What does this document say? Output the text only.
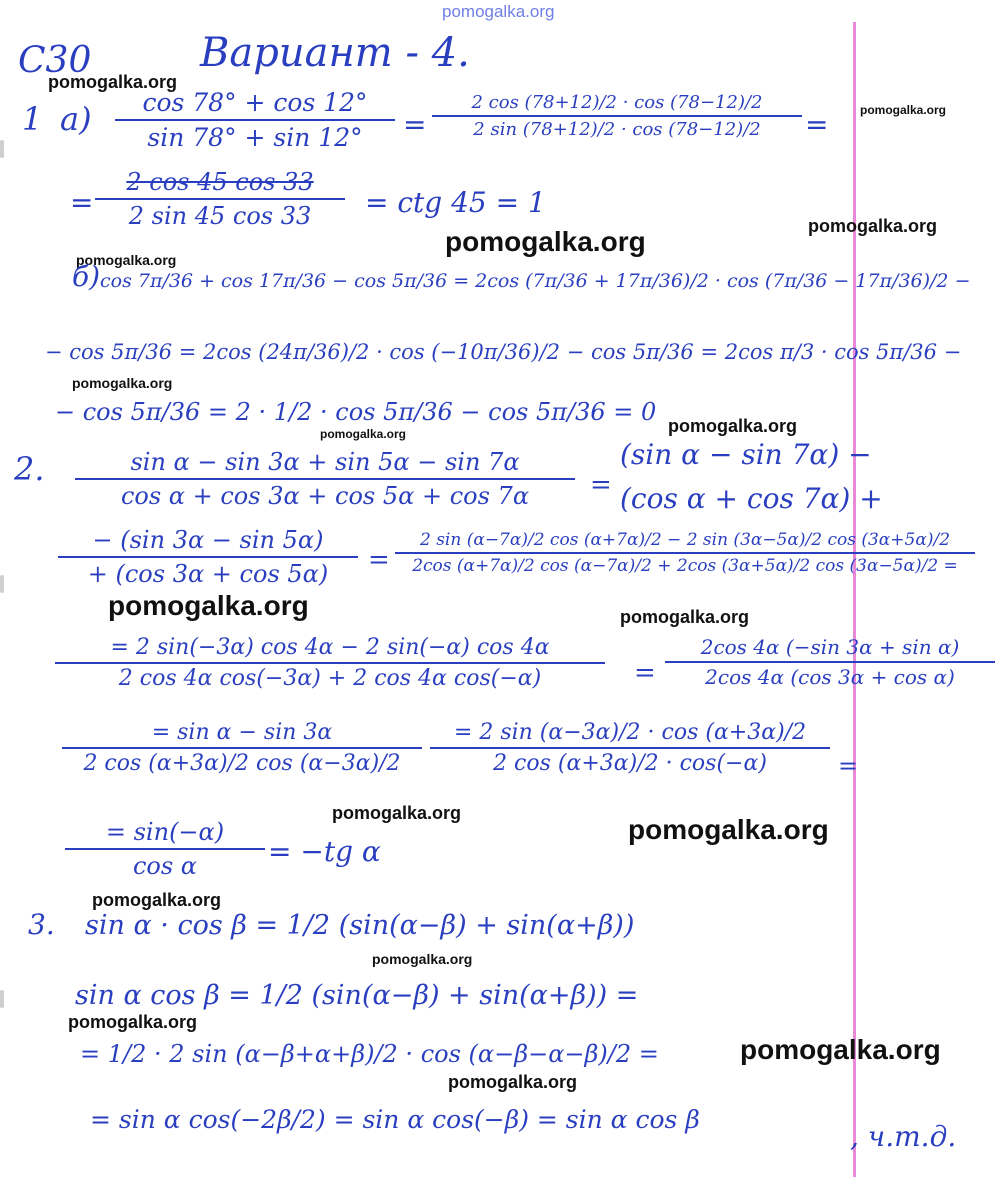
pomogalka.org
pomogalka.org
pomogalka.org
pomogalka.org
pomogalka.org
pomogalka.org
pomogalka.org
pomogalka.org
pomogalka.org
pomogalka.org	pomogalka.org
pomogalka.org
pomogalka.org
pomogalka.org
pomogalka.org
pomogalka.org
pomogalka.org
pomogalka.org
С30	Вариант - 4.
1 а)	cos 78° + cos 12°
sin 78° + sin 12°	=
2 cos (78+12)/2 · cos (78−12)/2
2 sin (78+12)/2 · cos (78−12)/2	=
=
2 cos 45 cos 33
2 sin 45 cos 33	= ctg 45 = 1
б) cos 7π/36 + cos 17π/36 − cos 5π/36 = 2cos (7π/36 + 17π/36)/2 · cos (7π/36 − 17π/36)/2 −
− cos 5π/36 = 2cos (24π/36)/2 · cos (−10π/36)/2 − cos 5π/36 = 2cos π/3 · cos 5π/36 −
− cos 5π/36 = 2 · 1/2 · cos 5π/36 − cos 5π/36 = 0
2.	sin α − sin 3α + sin 5α − sin 7α
cos α + cos 3α + cos 5α + cos 7α	=
(sin α − sin 7α) −
(cos α + cos 7α) +
− (sin 3α − sin 5α)
+ (cos 3α + cos 5α)	=
2 sin (α−7α)/2 cos (α+7α)/2 − 2 sin (3α−5α)/2 cos (3α+5α)/2
2cos (α+7α)/2 cos (α−7α)/2 + 2cos (3α+5α)/2 cos (3α−5α)/2 =
= 2 sin(−3α) cos 4α − 2 sin(−α) cos 4α
2 cos 4α cos(−3α) + 2 cos 4α cos(−α)	=
2cos 4α (−sin 3α + sin α)
2cos 4α (cos 3α + cos α)
= sin α − sin 3α
2 cos (α+3α)/2 cos (α−3α)/2
= 2 sin (α−3α)/2 · cos (α+3α)/2
2 cos (α+3α)/2 · cos(−α)	=
= sin(−α)
cos α	= −tg α
3. sin α · cos β = 1/2 (sin(α−β) + sin(α+β))
sin α cos β = 1/2 (sin(α−β) + sin(α+β)) =
= 1/2 · 2 sin (α−β+α+β)/2 · cos (α−β−α−β)/2 =
= sin α cos(−2β/2) = sin α cos(−β) = sin α cos β
, ч.т.д.
